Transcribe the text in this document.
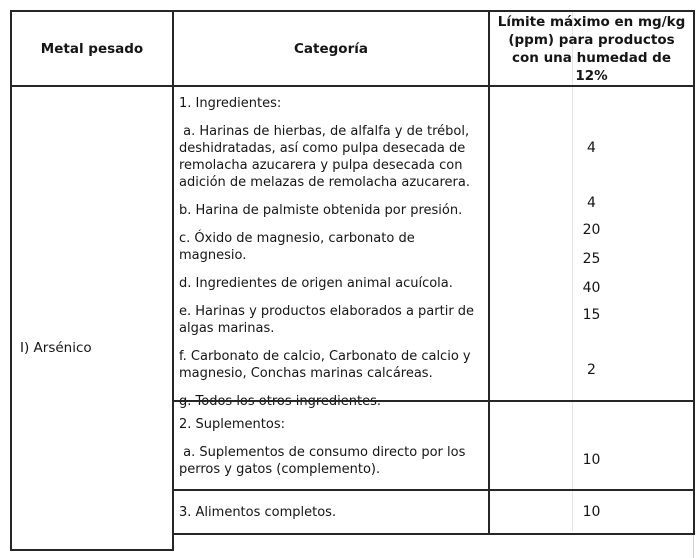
Metal pesado	Categoría
Límite máximo en mg/kg (ppm) para productos con una humedad de 12%
I) Arsénico

1. Ingredientes:

a. Harinas de hierbas, de alfalfa y de trébol, deshidratadas, así como pulpa desecada de remolacha azucarera y pulpa desecada con adición de melazas de remolacha azucarera.

b. Harina de palmiste obtenida por presión.

c. Óxido de magnesio, carbonato de magnesio.

d. Ingredientes de origen animal acuícola.

e. Harinas y productos elaborados a partir de algas marinas.

f. Carbonato de calcio, Carbonato de calcio y magnesio, Conchas marinas calcáreas.

g. Todos los otros ingredientes.

4
4
20
25
40
15
2

2. Suplementos:

a. Suplementos de consumo directo por los perros y gatos (complemento).

10

3. Alimentos completos.	10
